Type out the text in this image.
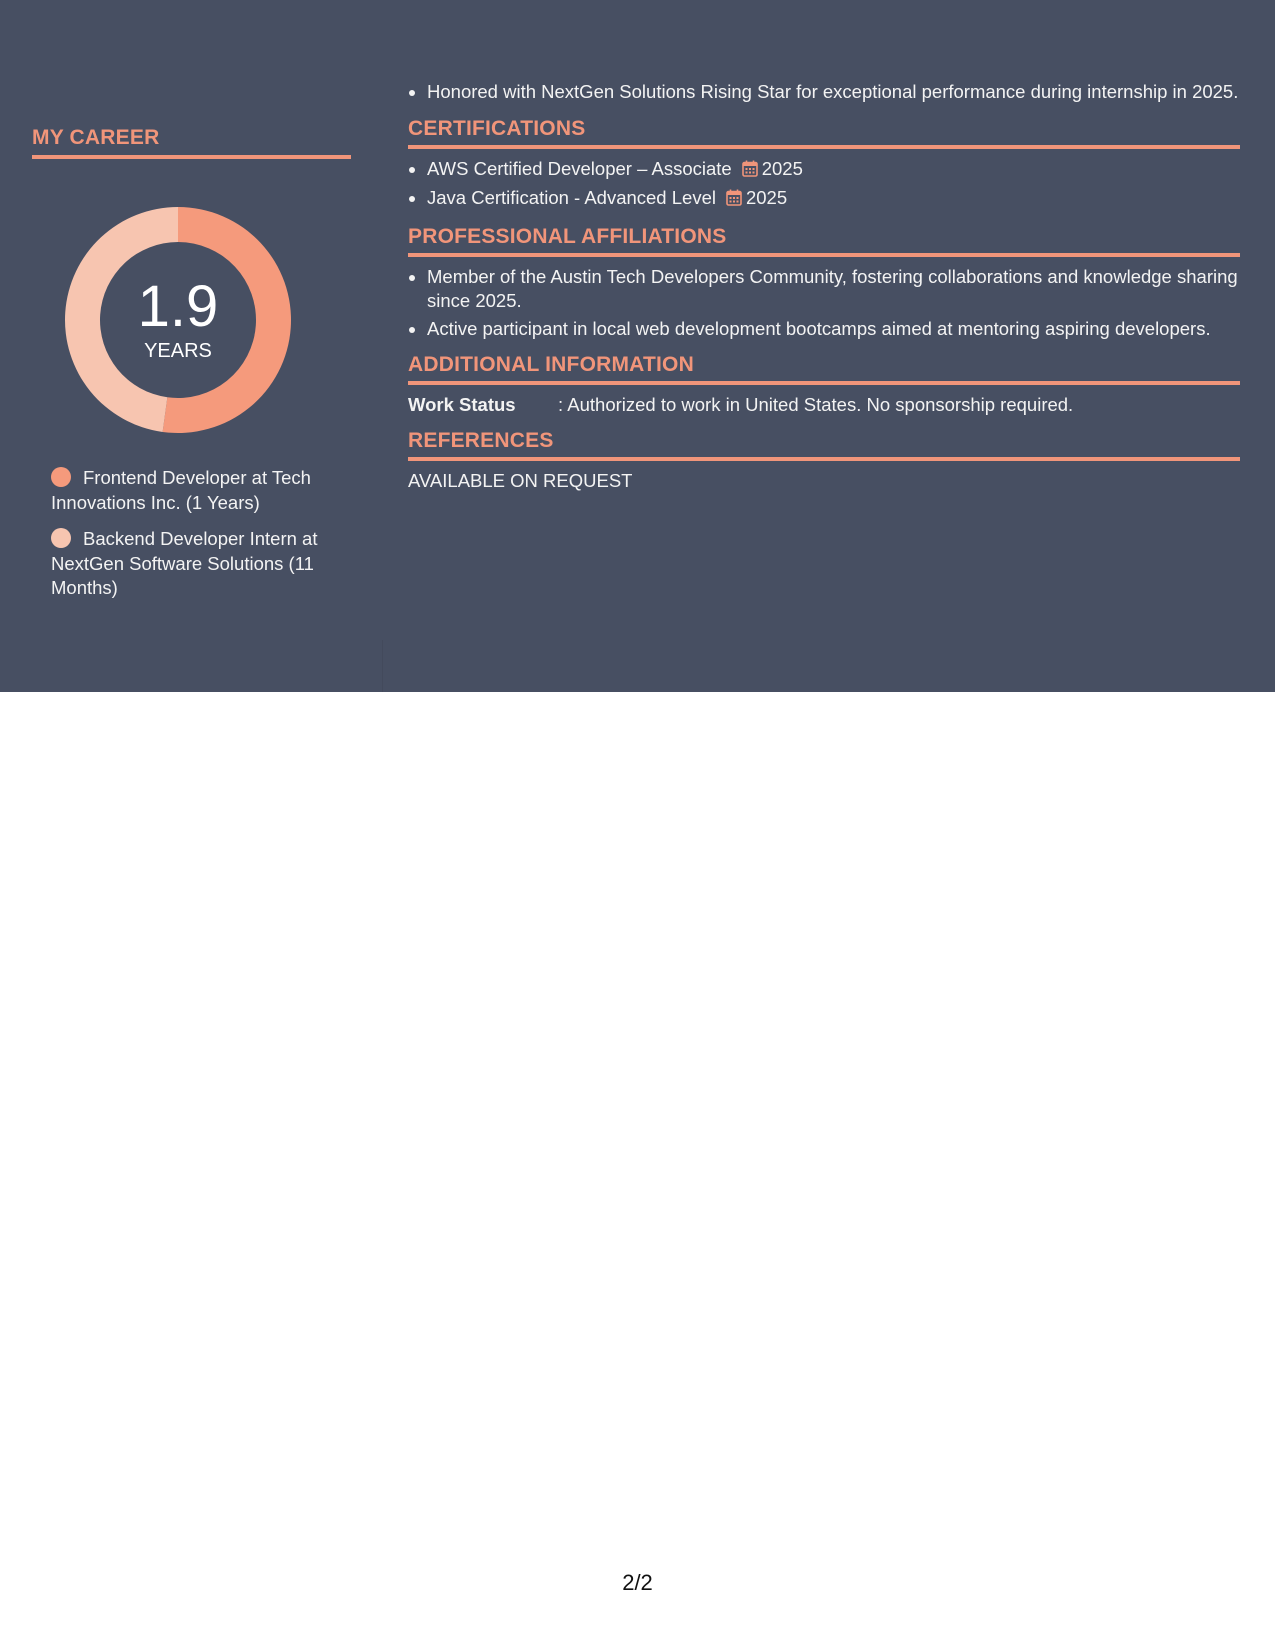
MY CAREER
1.9
YEARS
Frontend Developer at Tech Innovations Inc. (1 Years)
Backend Developer Intern at NextGen Software Solutions (11 Months)
• Honored with NextGen Solutions Rising Star for exceptional performance during internship in 2025.
CERTIFICATIONS
• AWS Certified Developer – Associate 2025
• Java Certification - Advanced Level 2025
PROFESSIONAL AFFILIATIONS
• Member of the Austin Tech Developers Community, fostering collaborations and knowledge sharing since 2025.
• Active participant in local web development bootcamps aimed at mentoring aspiring developers.
ADDITIONAL INFORMATION
Work Status : Authorized to work in United States. No sponsorship required.
REFERENCES
AVAILABLE ON REQUEST
2/2
